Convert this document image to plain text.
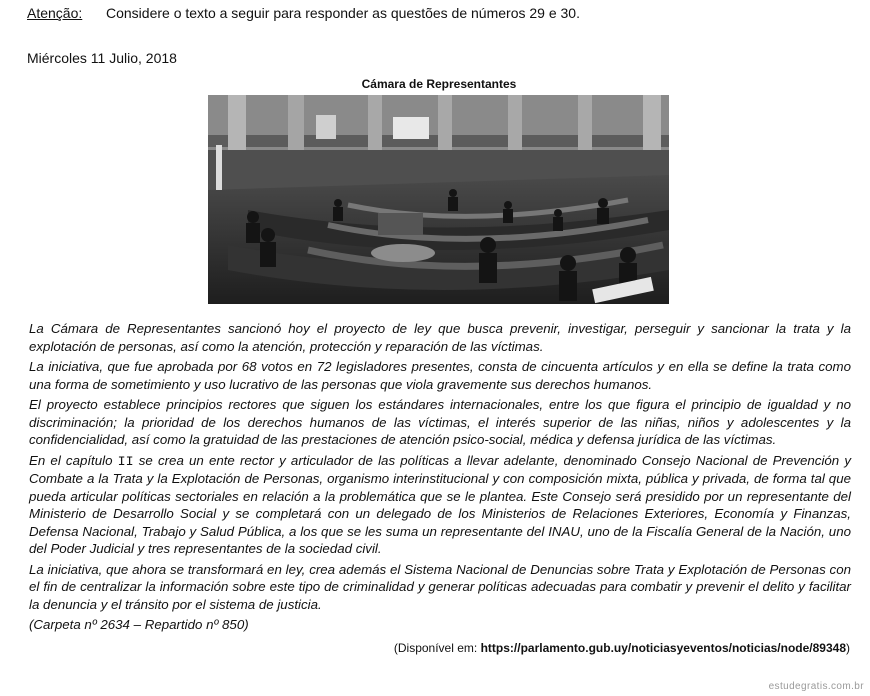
Atenção: Considere o texto a seguir para responder as questões de números 29 e 30.
Miércoles 11 Julio, 2018
Cámara de Representantes

La Cámara de Representantes sancionó hoy el proyecto de ley que busca prevenir, investigar, perseguir y sancionar la trata y la explotación de personas, así como la atención, protección y reparación de las víctimas.

La iniciativa, que fue aprobada por 68 votos en 72 legisladores presentes, consta de cincuenta artículos y en ella se define la trata como una forma de sometimiento y uso lucrativo de las personas que viola gravemente sus derechos humanos.

El proyecto establece principios rectores que siguen los estándares internacionales, entre los que figura el principio de igualdad y no discriminación; la prioridad de los derechos humanos de las víctimas, el interés superior de las niñas, niños y adolescentes y la confidencialidad, así como la gratuidad de las prestaciones de atención psico-social, médica y defensa jurídica de las víctimas.

En el capítulo II se crea un ente rector y articulador de las políticas a llevar adelante, denominado Consejo Nacional de Prevención y Combate a la Trata y la Explotación de Personas, organismo interinstitucional y con composición mixta, pública y privada, de forma tal que pueda articular políticas sectoriales en relación a la problemática que se le plantea. Este Consejo será presidido por un representante del Ministerio de Desarrollo Social y se completará con un delegado de los Ministerios de Relaciones Exteriores, Economía y Finanzas, Defensa Nacional, Trabajo y Salud Pública, a los que se les suma un representante del INAU, uno de la Fiscalía General de la Nación, uno del Poder Judicial y tres representantes de la sociedad civil.

La iniciativa, que ahora se transformará en ley, crea además el Sistema Nacional de Denuncias sobre Trata y Explotación de Personas con el fin de centralizar la información sobre este tipo de criminalidad y generar políticas adecuadas para combatir y prevenir el delito y facilitar la denuncia y el tránsito por el sistema de justicia.

(Carpeta nº 2634 – Repartido nº 850)
(Disponível em: https://parlamento.gub.uy/noticiasyeventos/noticias/node/89348)
estudegratis.com.br
